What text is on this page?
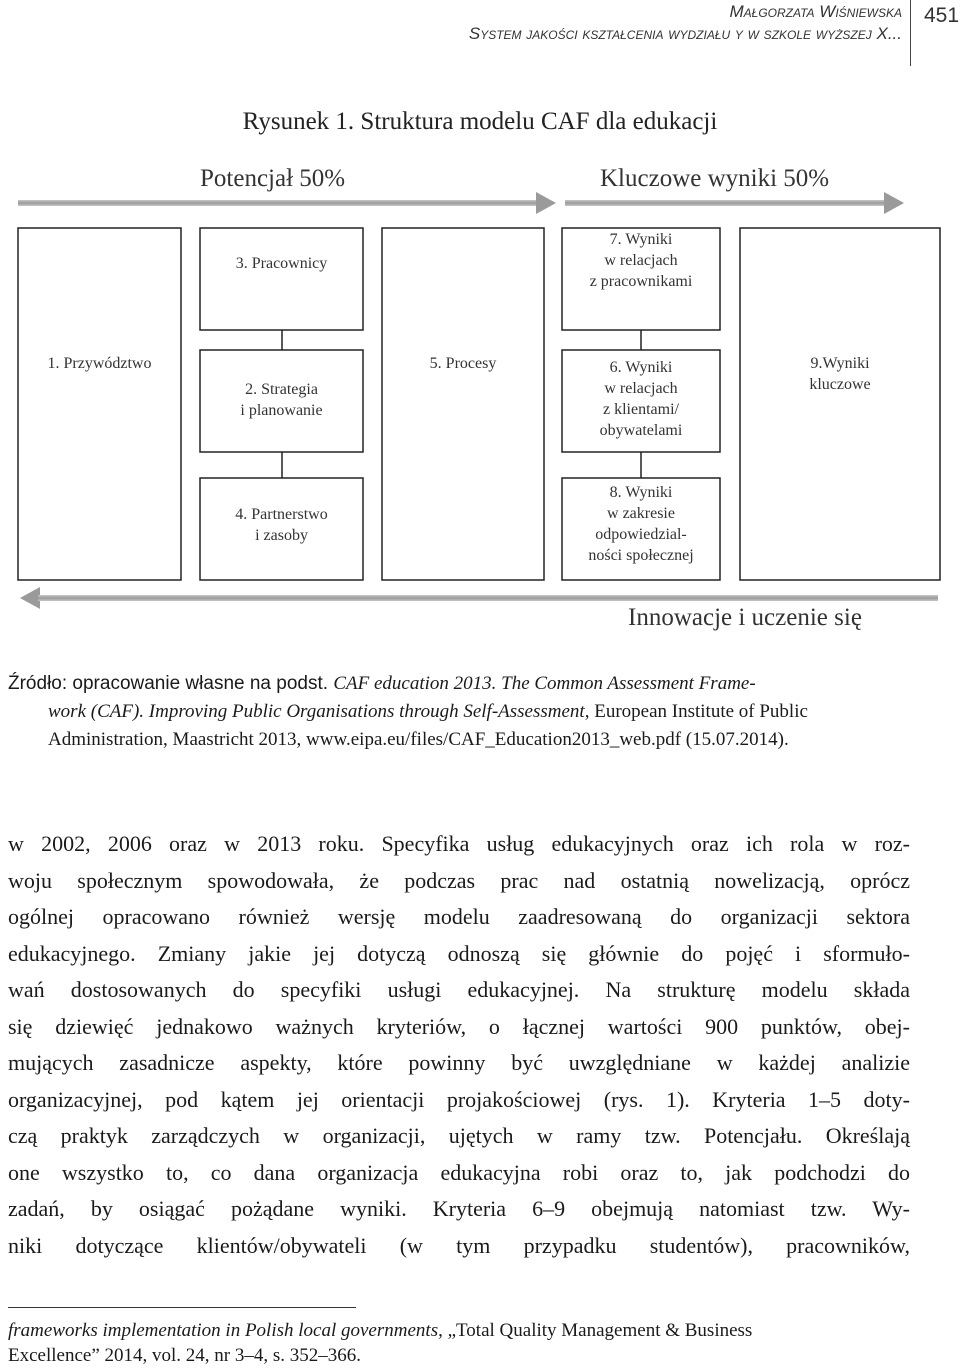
Małgorzata Wiśniewska
System jakości kształcenia wydziału y w szkole wyższej X...
451
Rysunek 1. Struktura modelu CAF dla edukacji
Potencjał 50%	Kluczowe wyniki 50%
Innowacje i uczenie się
1. Przywództwo
3. Pracownicy
2. Strategia
i planowanie
4. Partnerstwo
i zasoby
5. Procesy
7. Wyniki
w relacjach
z pracownikami
6. Wyniki
w relacjach
z klientami/
obywatelami
8. Wyniki
w zakresie
odpowiedzial-
ności społecznej
9.Wyniki
kluczowe
Źródło: opracowanie własne na podst. CAF education 2013. The Common Assessment Frame-
work (CAF). Improving Public Organisations through Self-Assessment, European Institute of Public
Administration, Maastricht 2013, www.eipa.eu/files/CAF_Education2013_web.pdf (15.07.2014).
w 2002, 2006 oraz w 2013 roku. Specyfika usług edukacyjnych oraz ich rola w roz-
woju społecznym spowodowała, że podczas prac nad ostatnią nowelizacją, oprócz
ogólnej opracowano również wersję modelu zaadresowaną do organizacji sektora
edukacyjnego. Zmiany jakie jej dotyczą odnoszą się głównie do pojęć i sformuło-
wań dostosowanych do specyfiki usługi edukacyjnej. Na strukturę modelu składa
się dziewięć jednakowo ważnych kryteriów, o łącznej wartości 900 punktów, obej-
mujących zasadnicze aspekty, które powinny być uwzględniane w każdej analizie
organizacyjnej, pod kątem jej orientacji projakościowej (rys. 1). Kryteria 1–5 doty-
czą praktyk zarządczych w organizacji, ujętych w ramy tzw. Potencjału. Określają
one wszystko to, co dana organizacja edukacyjna robi oraz to, jak podchodzi do
zadań, by osiągać pożądane wyniki. Kryteria 6–9 obejmują natomiast tzw. Wy-
niki dotyczące klientów/obywateli (w tym przypadku studentów), pracowników,
frameworks implementation in Polish local governments, „Total Quality Management & Business
Excellence” 2014, vol. 24, nr 3–4, s. 352–366.
